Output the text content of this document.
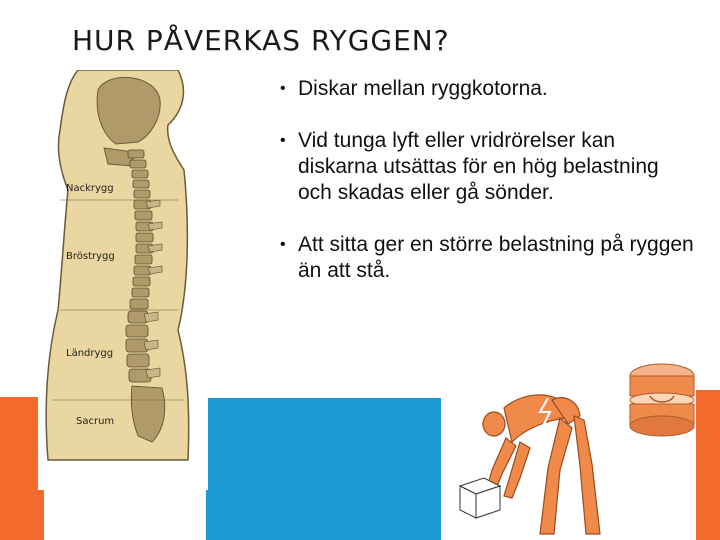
HUR PÅVERKAS RYGGEN?
Nackrygg
Bröstrygg
Ländrygg
Sacrum
• Diskar mellan ryggkotorna.
• Vid tunga lyft eller vridrörelser kan diskarna utsättas för en hög belastning och skadas eller gå sönder.
• Att sitta ger en större belastning på ryggen än att stå.
